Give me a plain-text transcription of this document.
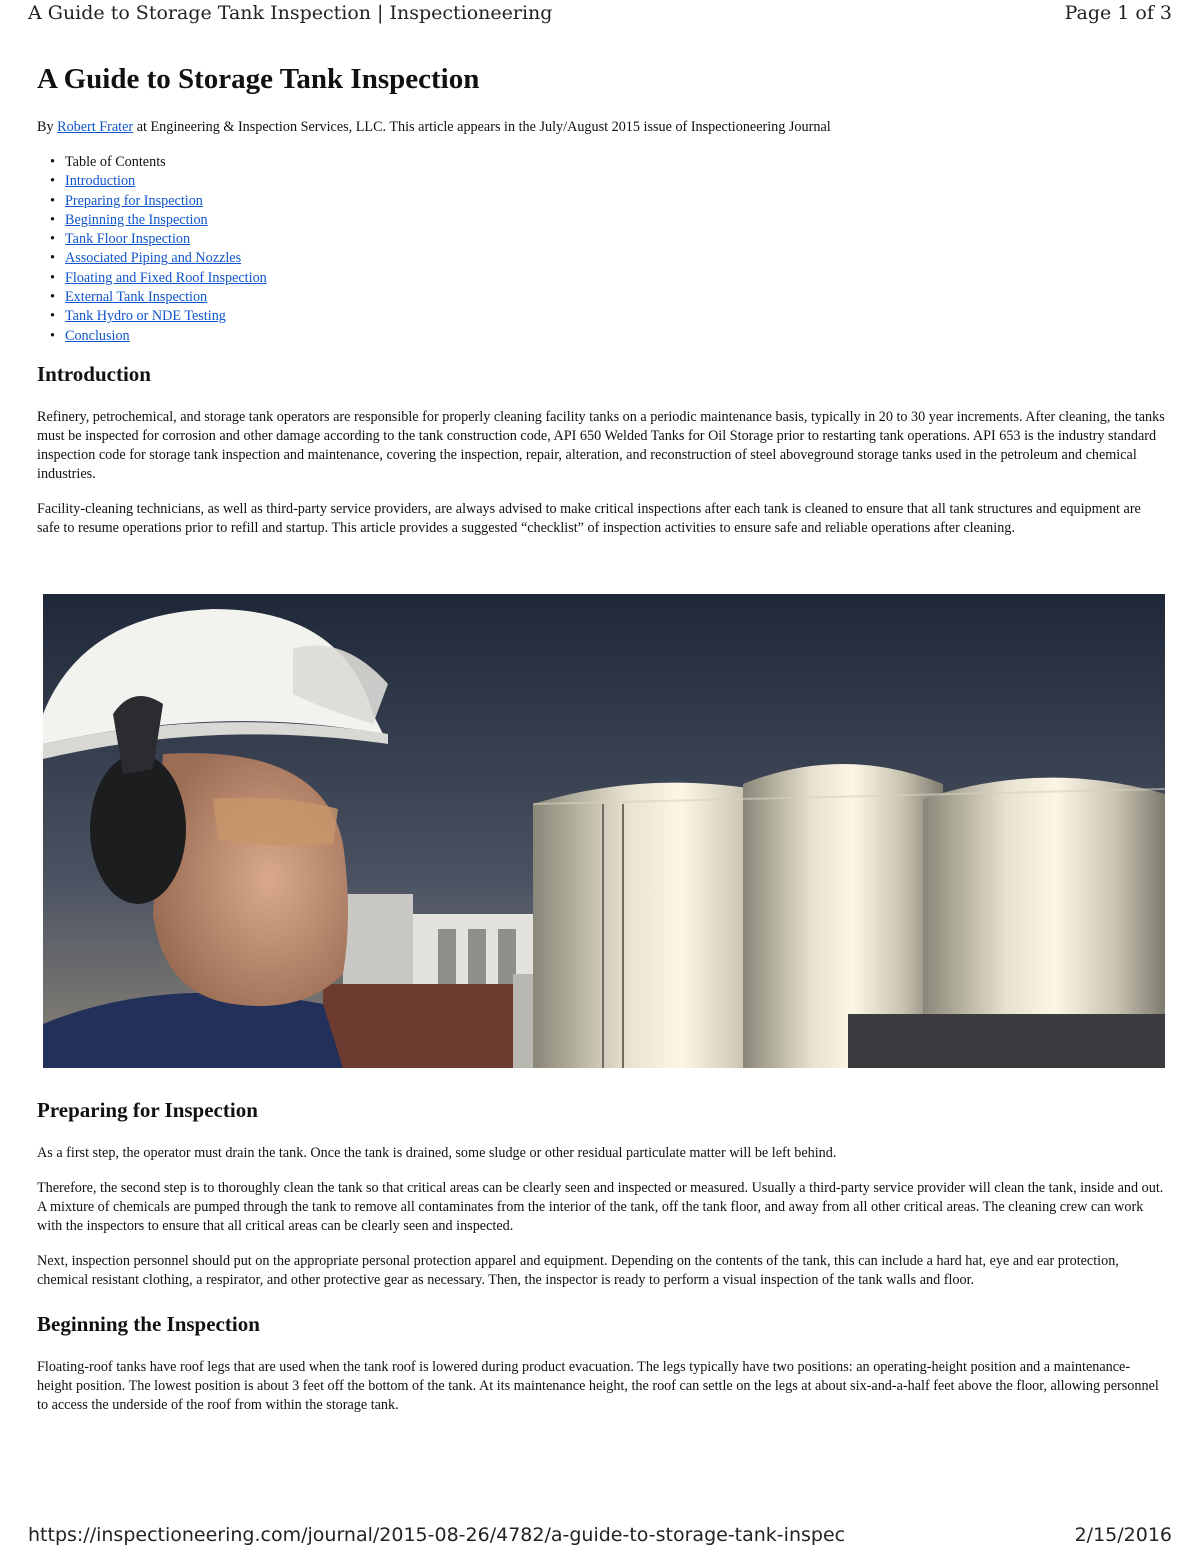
A Guide to Storage Tank Inspection | Inspectioneering	Page 1 of 3
A Guide to Storage Tank Inspection

By Robert Frater at Engineering & Inspection Services, LLC. This article appears in the July/August 2015 issue of Inspectioneering Journal

• Table of Contents
• Introduction
• Preparing for Inspection
• Beginning the Inspection
• Tank Floor Inspection
• Associated Piping and Nozzles
• Floating and Fixed Roof Inspection
• External Tank Inspection
• Tank Hydro or NDE Testing
• Conclusion
Introduction

Refinery, petrochemical, and storage tank operators are responsible for properly cleaning facility tanks on a periodic maintenance basis, typically in 20 to 30 year increments. After cleaning, the tanks must be inspected for corrosion and other damage according to the tank construction code, API 650 Welded Tanks for Oil Storage prior to restarting tank operations. API 653 is the industry standard inspection code for storage tank inspection and maintenance, covering the inspection, repair, alteration, and reconstruction of steel aboveground storage tanks used in the petroleum and chemical industries.

Facility-cleaning technicians, as well as third-party service providers, are always advised to make critical inspections after each tank is cleaned to ensure that all tank structures and equipment are safe to resume operations prior to refill and startup. This article provides a suggested “checklist” of inspection activities to ensure safe and reliable operations after cleaning.

Preparing for Inspection

As a first step, the operator must drain the tank. Once the tank is drained, some sludge or other residual particulate matter will be left behind.

Therefore, the second step is to thoroughly clean the tank so that critical areas can be clearly seen and inspected or measured. Usually a third-party service provider will clean the tank, inside and out. A mixture of chemicals are pumped through the tank to remove all contaminates from the interior of the tank, off the tank floor, and away from all other critical areas. The cleaning crew can work with the inspectors to ensure that all critical areas can be clearly seen and inspected.

Next, inspection personnel should put on the appropriate personal protection apparel and equipment. Depending on the contents of the tank, this can include a hard hat, eye and ear protection, chemical resistant clothing, a respirator, and other protective gear as necessary. Then, the inspector is ready to perform a visual inspection of the tank walls and floor.

Beginning the Inspection

Floating-roof tanks have roof legs that are used when the tank roof is lowered during product evacuation. The legs typically have two positions: an operating-height position and a maintenance-height position. The lowest position is about 3 feet off the bottom of the tank. At its maintenance height, the roof can settle on the legs at about six-and-a-half feet above the floor, allowing personnel to access the underside of the roof from within the storage tank.

https://inspectioneering.com/journal/2015-08-26/4782/a-guide-to-storage-tank-inspec	2/15/2016
